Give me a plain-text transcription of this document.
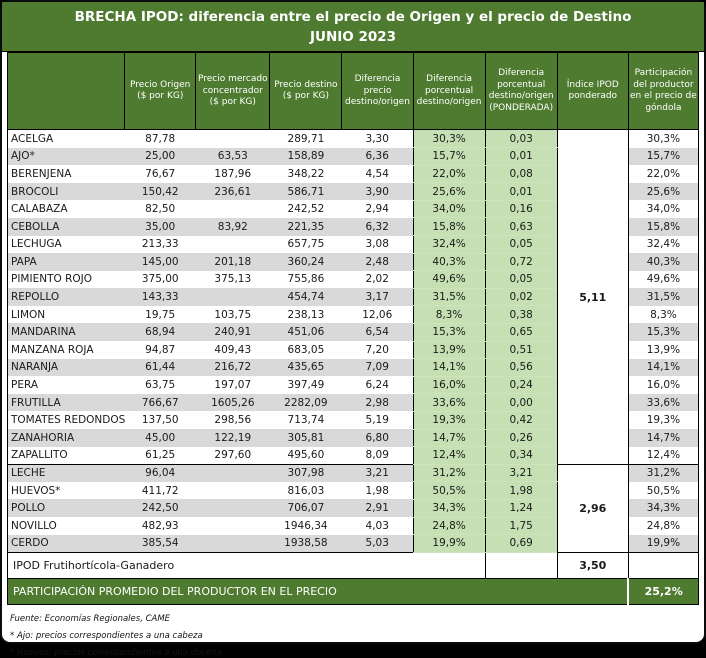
BRECHA IPOD: diferencia entre el precio de Origen y el precio de Destino
JUNIO 2023
	Precio Origen ($ por KG)	Precio mercado concentrador ($ por KG)	Precio destino ($ por KG)	Diferencia precio destino/origen	Diferencia porcentual destino/origen	Diferencia porcentual destino/origen (PONDERADA)	Índice IPOD ponderado	Participación del productor en el precio de góndola
ACELGA	87,78		289,71	3,30	30,3%	0,03	5,11	30,3%
AJO*	25,00	63,53	158,89	6,36	15,7%	0,01		15,7%
BERENJENA	76,67	187,96	348,22	4,54	22,0%	0,08		22,0%
BROCOLI	150,42	236,61	586,71	3,90	25,6%	0,01		25,6%
CALABAZA	82,50		242,52	2,94	34,0%	0,16		34,0%
CEBOLLA	35,00	83,92	221,35	6,32	15,8%	0,63		15,8%
LECHUGA	213,33		657,75	3,08	32,4%	0,05		32,4%
PAPA	145,00	201,18	360,24	2,48	40,3%	0,72		40,3%
PIMIENTO ROJO	375,00	375,13	755,86	2,02	49,6%	0,05		49,6%
REPOLLO	143,33		454,74	3,17	31,5%	0,02		31,5%
LIMON	19,75	103,75	238,13	12,06	8,3%	0,38		8,3%
MANDARINA	68,94	240,91	451,06	6,54	15,3%	0,65		15,3%
MANZANA ROJA	94,87	409,43	683,05	7,20	13,9%	0,51		13,9%
NARANJA	61,44	216,72	435,65	7,09	14,1%	0,56		14,1%
PERA	63,75	197,07	397,49	6,24	16,0%	0,24		16,0%
FRUTILLA	766,67	1605,26	2282,09	2,98	33,6%	0,00		33,6%
TOMATES REDONDOS	137,50	298,56	713,74	5,19	19,3%	0,42		19,3%
ZANAHORIA	45,00	122,19	305,81	6,80	14,7%	0,26		14,7%
ZAPALLITO	61,25	297,60	495,60	8,09	12,4%	0,34		12,4%
LECHE	96,04		307,98	3,21	31,2%	3,21	2,96	31,2%
HUEVOS*	411,72		816,03	1,98	50,5%	1,98		50,5%
POLLO	242,50		706,07	2,91	34,3%	1,24		34,3%
NOVILLO	482,93		1946,34	4,03	24,8%	1,75		24,8%
CERDO	385,54		1938,58	5,03	19,9%	0,69		19,9%
IPOD Frutihortícola-Ganadero							3,50	
PARTICIPACIÓN PROMEDIO DEL PRODUCTOR EN EL PRECIO								25,2%
Fuente: Economías Regionales, CAME
* Ajo: precios correspondientes a una cabeza
* Huevos: precios correspondientes a una docena
